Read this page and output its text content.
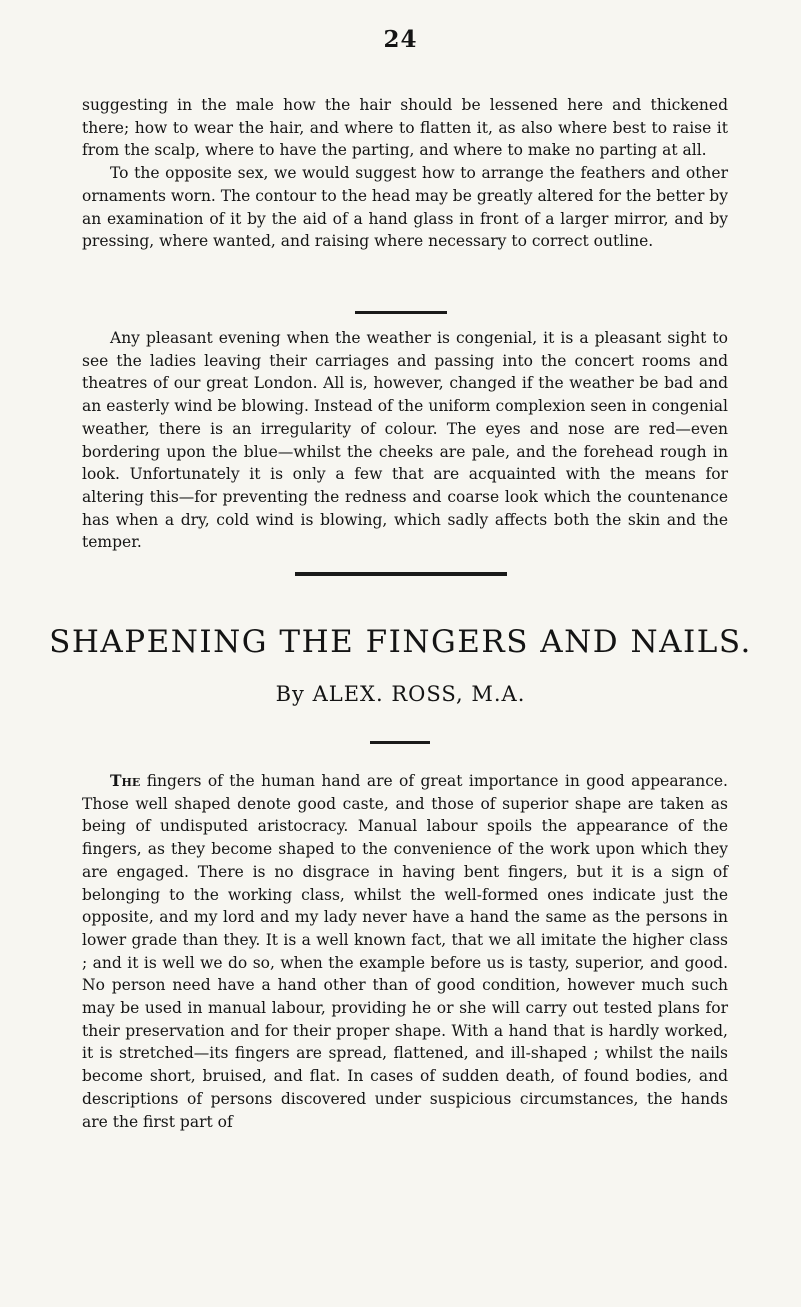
24

suggesting in the male how the hair should be lessened here and thickened there; how to wear the hair, and where to flatten it, as also where best to raise it from the scalp, where to have the parting, and where to make no parting at all.

To the opposite sex, we would suggest how to arrange the feathers and other ornaments worn. The contour to the head may be greatly altered for the better by an examination of it by the aid of a hand glass in front of a larger mirror, and by pressing, where wanted, and raising where necessary to correct outline.

Any pleasant evening when the weather is congenial, it is a pleasant sight to see the ladies leaving their carriages and passing into the concert rooms and theatres of our great London. All is, however, changed if the weather be bad and an easterly wind be blowing. Instead of the uniform complexion seen in congenial weather, there is an irregularity of colour. The eyes and nose are red—even bordering upon the blue—whilst the cheeks are pale, and the forehead rough in look. Unfortunately it is only a few that are acquainted with the means for altering this—for preventing the redness and coarse look which the countenance has when a dry, cold wind is blowing, which sadly affects both the skin and the temper.

SHAPENING THE FINGERS AND NAILS.
By ALEX. ROSS, M.A.

The fingers of the human hand are of great importance in good appearance. Those well shaped denote good caste, and those of superior shape are taken as being of undisputed aristocracy. Manual labour spoils the appearance of the fingers, as they become shaped to the convenience of the work upon which they are engaged. There is no disgrace in having bent fingers, but it is a sign of belonging to the working class, whilst the well-formed ones indicate just the opposite, and my lord and my lady never have a hand the same as the persons in lower grade than they. It is a well known fact, that we all imitate the higher class ; and it is well we do so, when the example before us is tasty, superior, and good. No person need have a hand other than of good condition, however much such may be used in manual labour, providing he or she will carry out tested plans for their preservation and for their proper shape. With a hand that is hardly worked, it is stretched—its fingers are spread, flattened, and ill-shaped ; whilst the nails become short, bruised, and flat. In cases of sudden death, of found bodies, and descriptions of persons discovered under suspicious circumstances, the hands are the first part of
